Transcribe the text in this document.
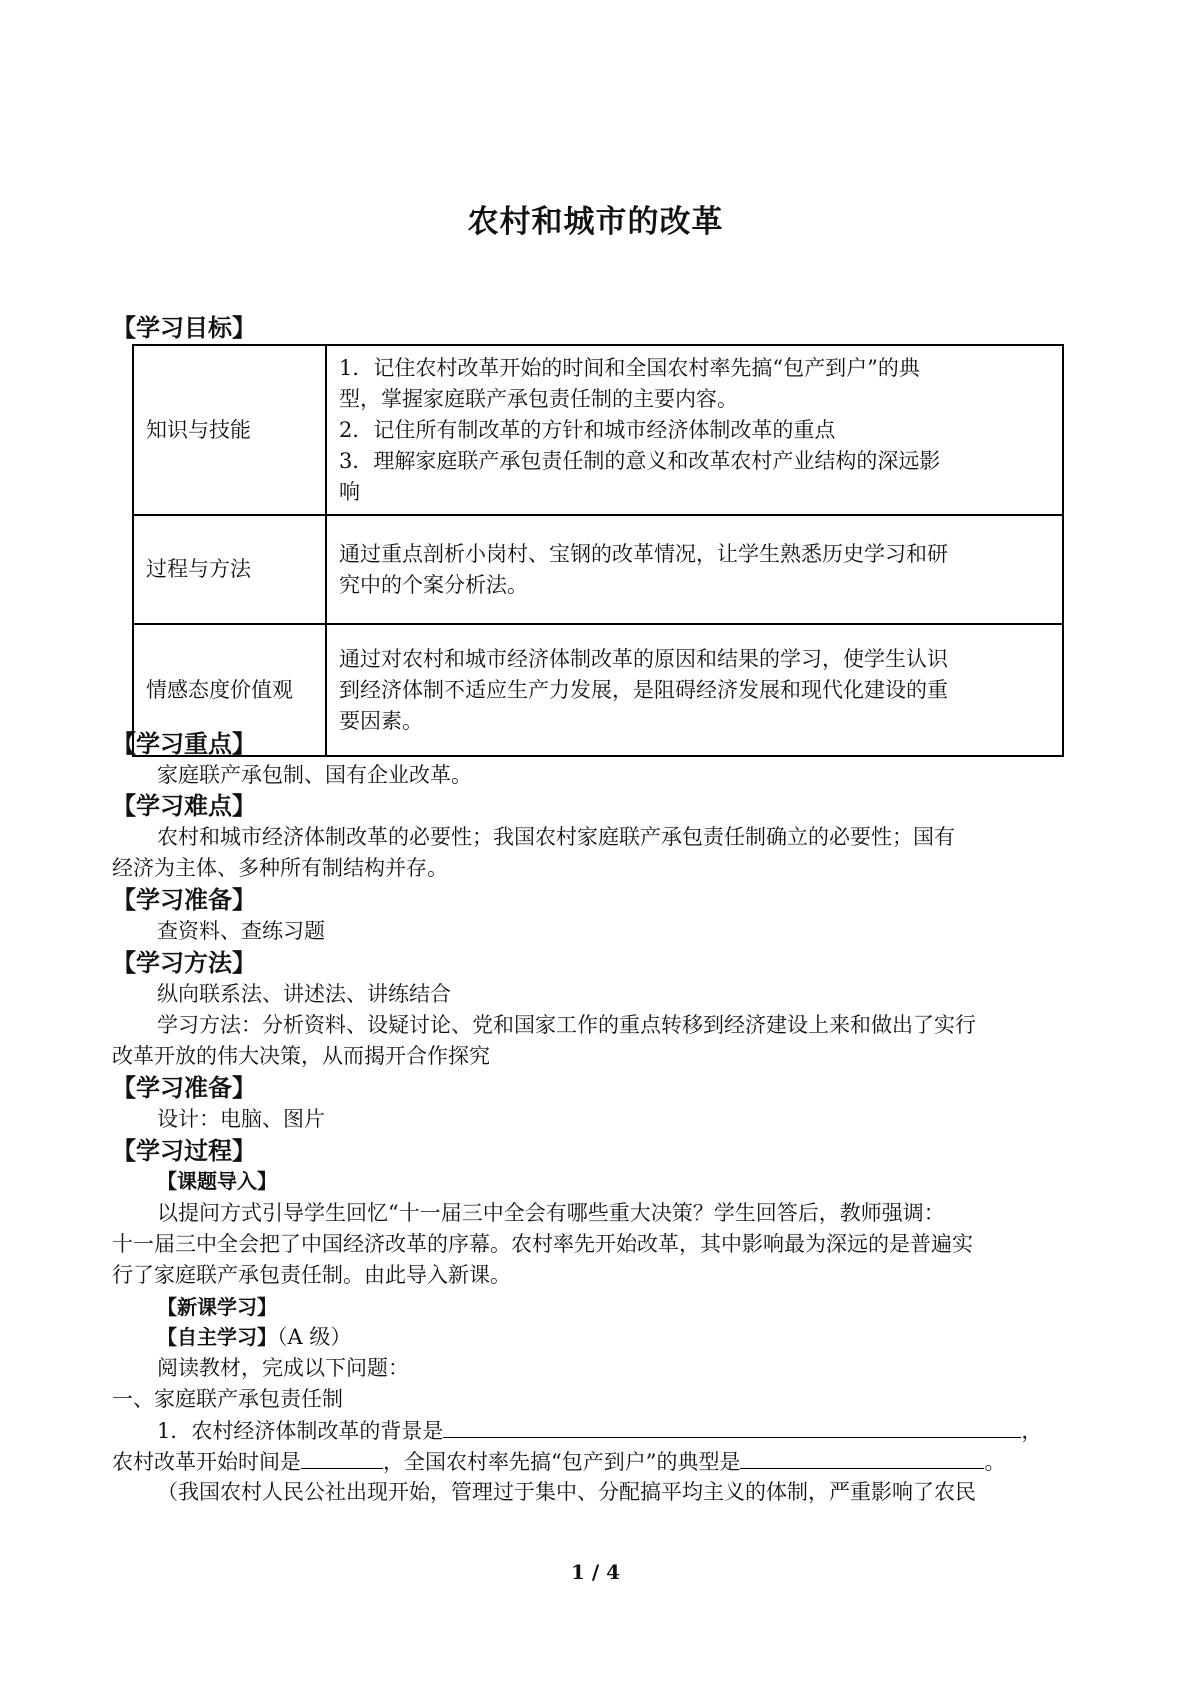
农村和城市的改革
【学习目标】
知识与技能	1．记住农村改革开始的时间和全国农村率先搞“包产到户”的典
型，掌握家庭联产承包责任制的主要内容。
2．记住所有制改革的方针和城市经济体制改革的重点
3．理解家庭联产承包责任制的意义和改革农村产业结构的深远影
响

过程与方法	通过重点剖析小岗村、宝钢的改革情况，让学生熟悉历史学习和研
究中的个案分析法。

情感态度价值观	通过对农村和城市经济体制改革的原因和结果的学习，使学生认识
到经济体制不适应生产力发展，是阻碍经济发展和现代化建设的重
要因素。
【学习重点】
家庭联产承包制、国有企业改革。
【学习难点】
农村和城市经济体制改革的必要性；我国农村家庭联产承包责任制确立的必要性；国有
经济为主体、多种所有制结构并存。
【学习准备】
查资料、查练习题
【学习方法】
纵向联系法、讲述法、讲练结合
学习方法：分析资料、设疑讨论、党和国家工作的重点转移到经济建设上来和做出了实行
改革开放的伟大决策，从而揭开合作探究
【学习准备】
设计：电脑、图片
【学习过程】
【课题导入】
以提问方式引导学生回忆“十一届三中全会有哪些重大决策？学生回答后，教师强调：
十一届三中全会把了中国经济改革的序幕。农村率先开始改革，其中影响最为深远的是普遍实
行了家庭联产承包责任制。由此导入新课。
【新课学习】
【自主学习】（A 级）
阅读教材，完成以下问题：
一、家庭联产承包责任制
1．农村经济体制改革的背景是	，
农村改革开始时间是	，全国农村率先搞“包产到户”的典型是	。
（我国农村人民公社出现开始，管理过于集中、分配搞平均主义的体制，严重影响了农民
1 / 4
